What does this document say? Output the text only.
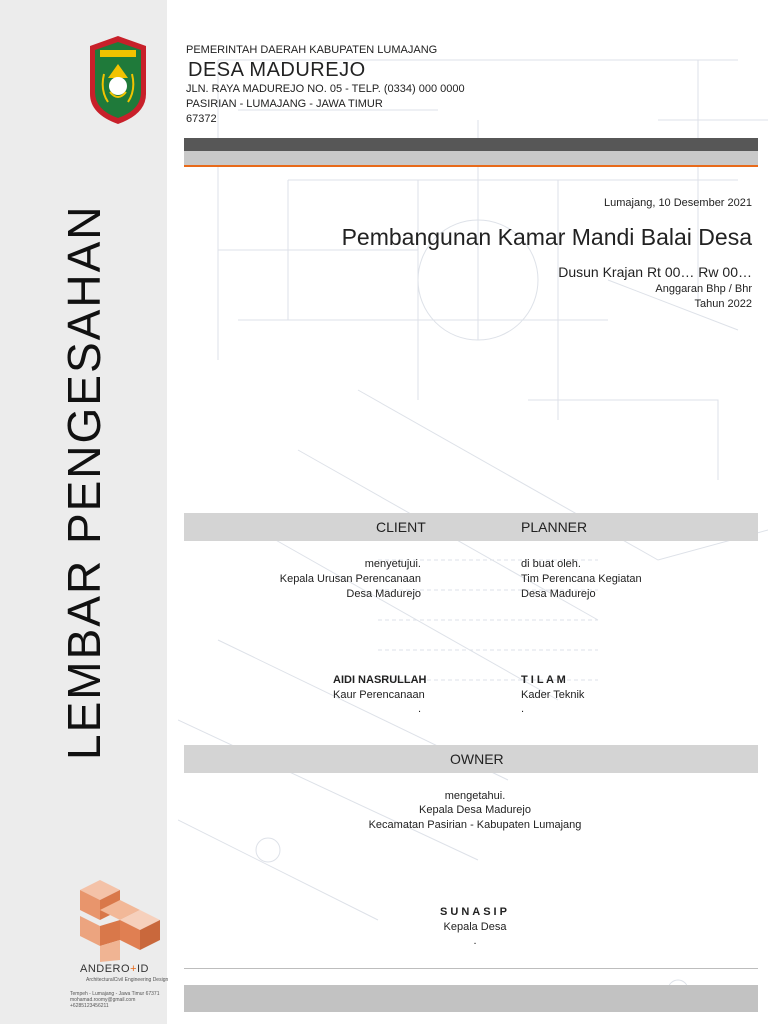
LEMBAR PENGESAHAN
PEMERINTAH DAERAH KABUPATEN LUMAJANG
DESA MADUREJO
JLN. RAYA MADUREJO NO. 05 - TELP. (0334) 000 0000
PASIRIAN - LUMAJANG - JAWA TIMUR
67372
Lumajang, 10 Desember 2021
Pembangunan Kamar Mandi Balai Desa
Dusun Krajan Rt 00… Rw 00…
Anggaran Bhp / Bhr
Tahun 2022
CLIENT	PLANNER
menyetujui.
Kepala Urusan Perencanaan
Desa Madurejo
AIDI NASRULLAH
Kaur Perencanaan
.
di buat oleh.
Tim Perencana Kegiatan
Desa Madurejo
T I L A M
Kader Teknik
.
OWNER
mengetahui.
Kepala Desa Madurejo
Kecamatan Pasirian - Kabupaten Lumajang
SUNASIP
Kepala Desa
.
ANDERO+ID
ArchitecturalCivil Engineering Design
Tempeh - Lumajang - Jawa Timur 67371
mohamad.roomy@gmail.com
+6285123456211
